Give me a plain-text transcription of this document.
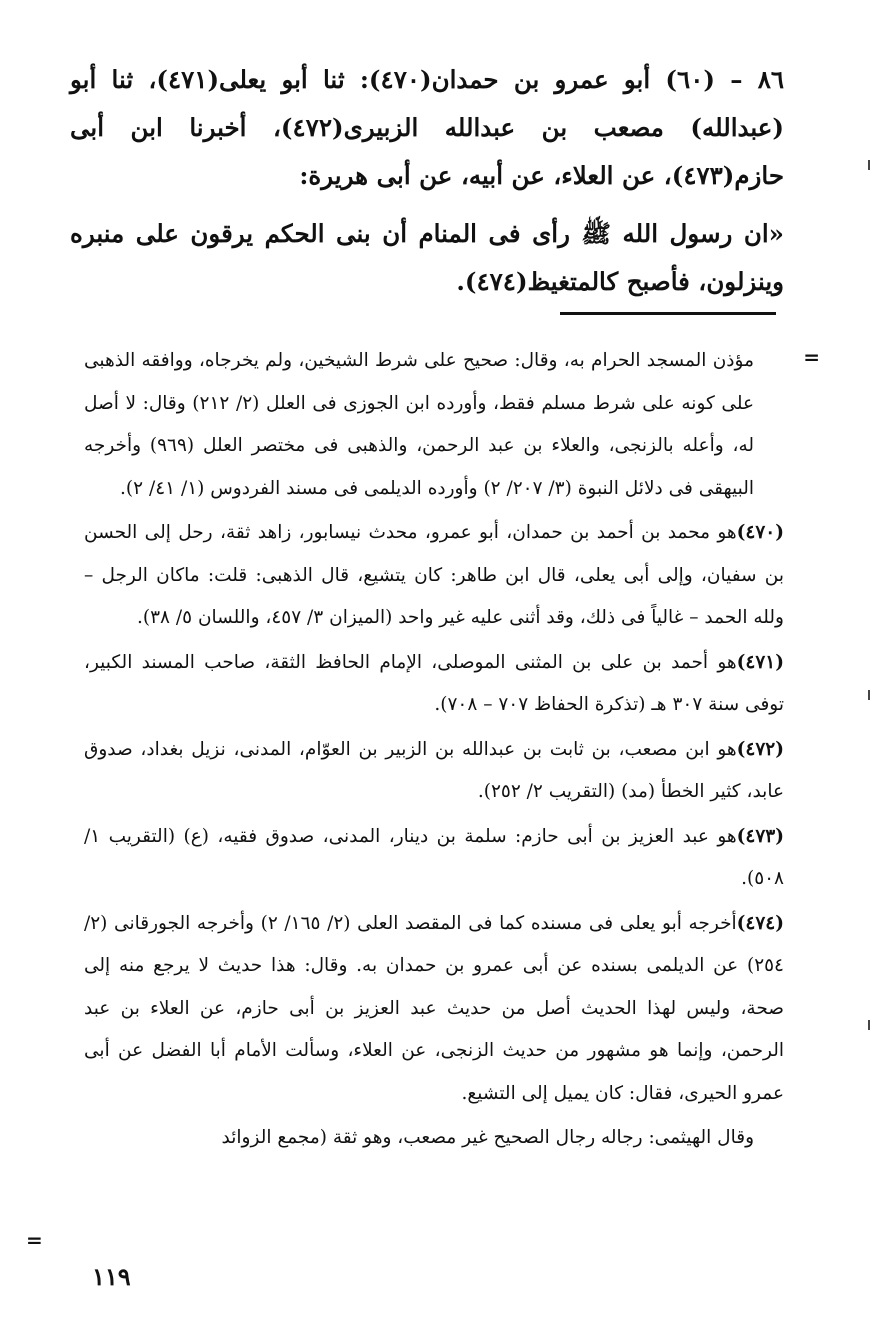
٨٦ – (٦٠) أبو عمرو بن حمدان(٤٧٠): ثنا أبو يعلى(٤٧١)، ثنا أبو (عبدالله) مصعب بن عبدالله الزبيرى(٤٧٢)، أخبرنا ابن أبى حازم(٤٧٣)، عن العلاء، عن أبيه، عن أبى هريرة:

«ان رسول الله ﷺ رأى فى المنام أن بنى الحكم يرقون على منبره وينزلون، فأصبح كالمتغيظ(٤٧٤).

=

مؤذن المسجد الحرام به، وقال: صحيح على شرط الشيخين، ولم يخرجاه، ووافقه الذهبى على كونه على شرط مسلم فقط، وأورده ابن الجوزى فى العلل (٢/ ٢١٢) وقال: لا أصل له، وأعله بالزنجى، والعلاء بن عبد الرحمن، والذهبى فى مختصر العلل (٩٦٩) وأخرجه البيهقى فى دلائل النبوة (٣/ ٢٠٧/ ٢) وأورده الديلمى فى مسند الفردوس (١/ ٤١/ ٢).

(٤٧٠)هو محمد بن أحمد بن حمدان، أبو عمرو، محدث نيسابور، زاهد ثقة، رحل إلى الحسن بن سفيان، وإلى أبى يعلى، قال ابن طاهر: كان يتشيع، قال الذهبى: قلت: ماكان الرجل – ولله الحمد – غالياً فى ذلك، وقد أثنى عليه غير واحد (الميزان ٣/ ٤٥٧، واللسان ٥/ ٣٨).

(٤٧١)هو أحمد بن على بن المثنى الموصلى، الإمام الحافظ الثقة، صاحب المسند الكبير، توفى سنة ٣٠٧ هـ (تذكرة الحفاظ ٧٠٧ – ٧٠٨).

(٤٧٢)هو ابن مصعب، بن ثابت بن عبدالله بن الزبير بن العوّام، المدنى، نزيل بغداد، صدوق عابد، كثير الخطأ (مد) (التقريب ٢/ ٢٥٢).

(٤٧٣)هو عبد العزيز بن أبى حازم: سلمة بن دينار، المدنى، صدوق فقيه، (ع) (التقريب ١/ ٥٠٨).

(٤٧٤)أخرجه أبو يعلى فى مسنده كما فى المقصد العلى (٢/ ١٦٥/ ٢) وأخرجه الجورقانى (٢/ ٢٥٤) عن الديلمى بسنده عن أبى عمرو بن حمدان به. وقال: هذا حديث لا يرجع منه إلى صحة، وليس لهذا الحديث أصل من حديث عبد العزيز بن أبى حازم، عن العلاء بن عبد الرحمن، وإنما هو مشهور من حديث الزنجى، عن العلاء، وسألت الأمام أبا الفضل عن أبى عمرو الحيرى، فقال: كان يميل إلى التشيع.

وقال الهيثمى: رجاله رجال الصحيح غير مصعب، وهو ثقة (مجمع الزوائد

=
١١٩
